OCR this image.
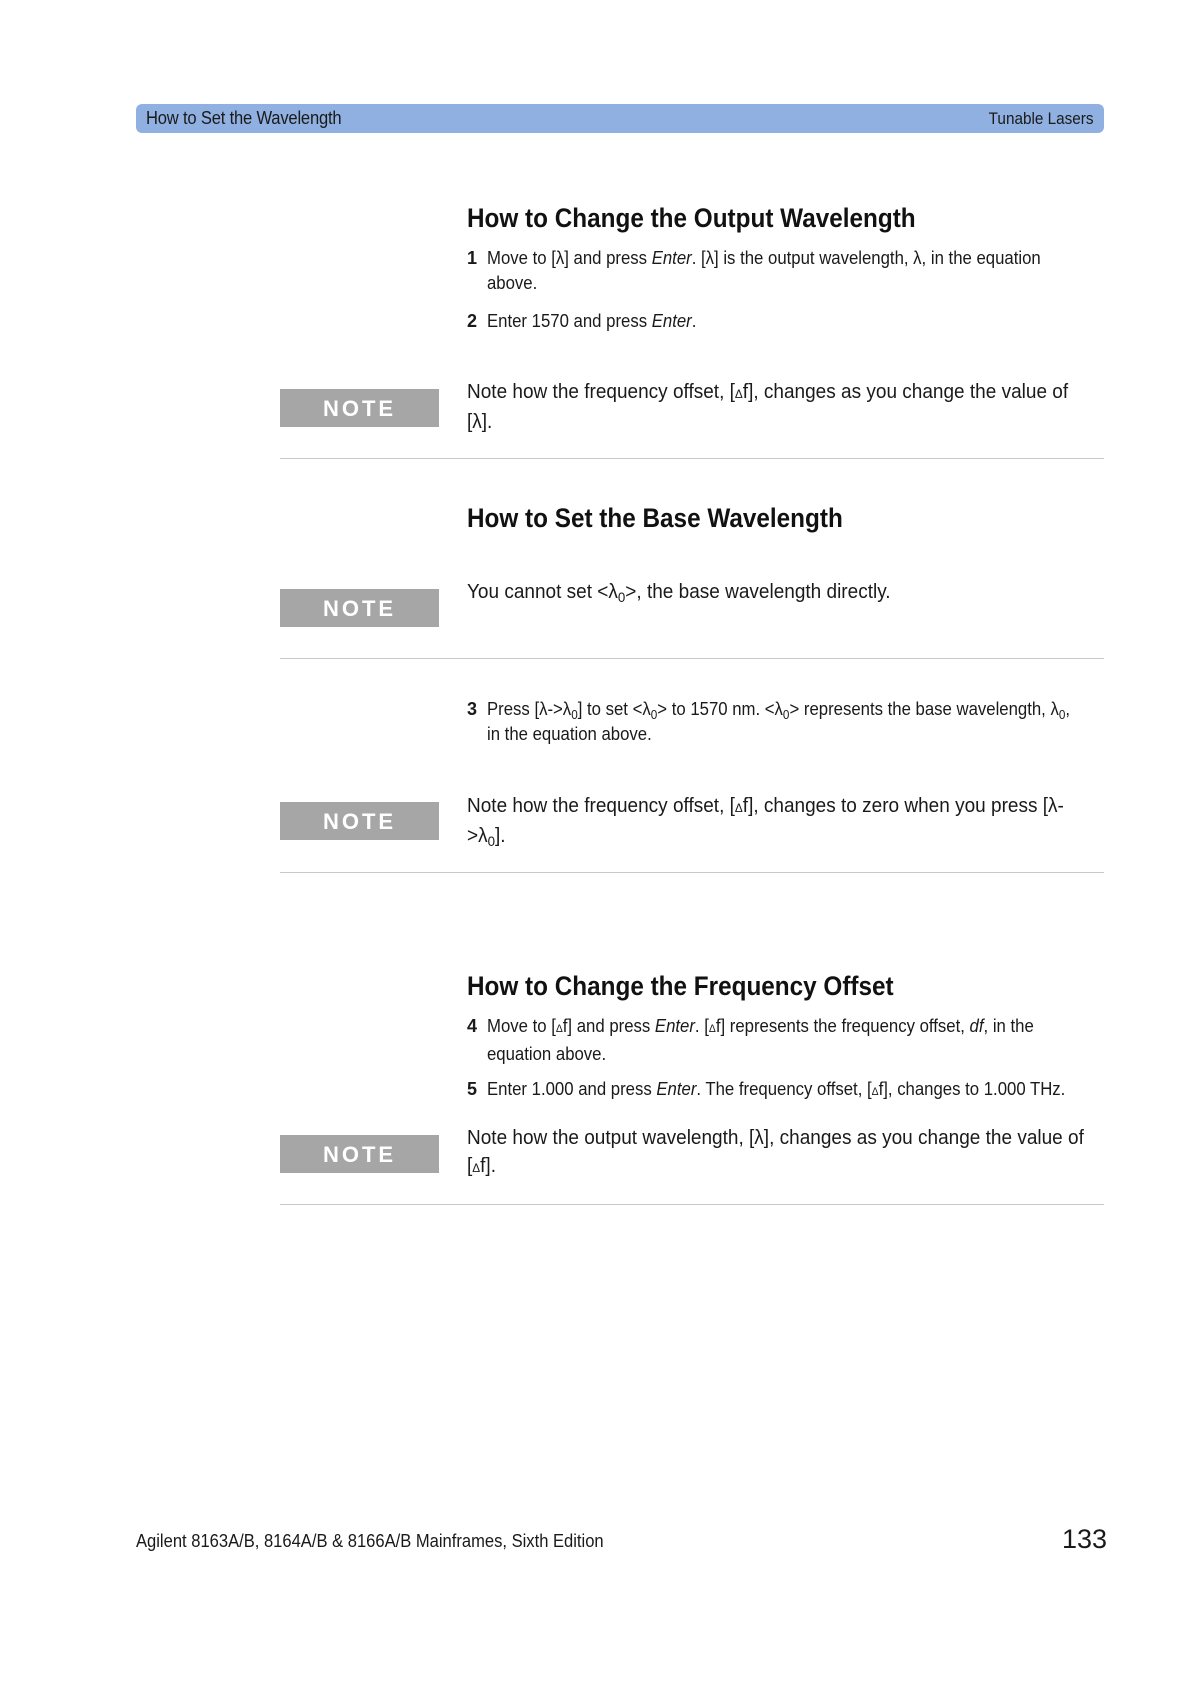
How to Set the Wavelength	Tunable Lasers
How to Change the Output Wavelength
1 Move to [λ] and press Enter. [λ] is the output wavelength, λ, in the equation above.
2 Enter 1570 and press Enter.
NOTE
Note how the frequency offset, [Δf], changes as you change the value of [λ].
How to Set the Base Wavelength
NOTE
You cannot set $<\lambda_0>$, the base wavelength directly.
3 Press $[\lambda->\lambda_0]$ to set $<\lambda_0>$ to 1570 nm. $<\lambda_0>$ represents the base wavelength, $\lambda_0$, in the equation above.
NOTE
Note how the frequency offset, [Δf], changes to zero when you press $[\lambda->\lambda_0]$.
How to Change the Frequency Offset
4 Move to [Δf] and press Enter. [Δf] represents the frequency offset, df, in the equation above.
5 Enter 1.000 and press Enter. The frequency offset, [Δf], changes to 1.000 THz.
NOTE
Note how the output wavelength, [λ], changes as you change the value of [Δf].
Agilent 8163A/B, 8164A/B & 8166A/B Mainframes, Sixth Edition	133
